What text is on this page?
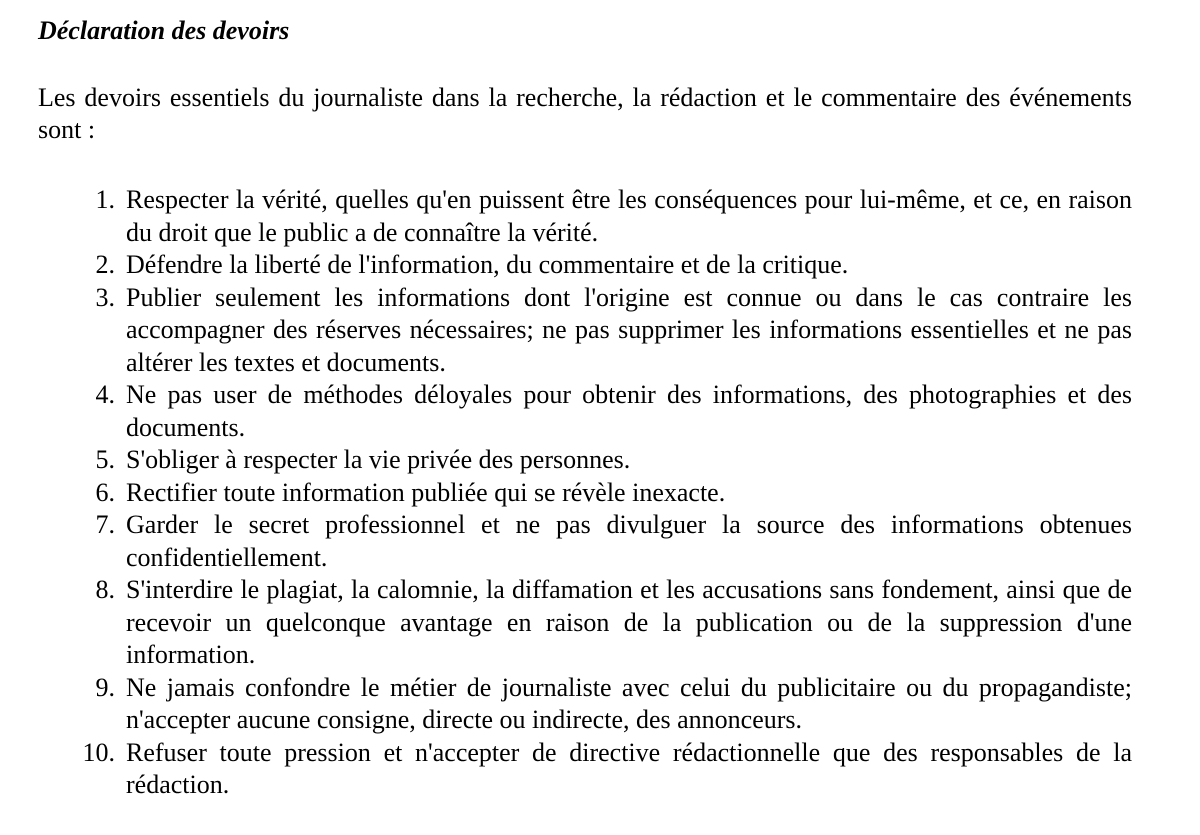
Déclaration des devoirs

Les devoirs essentiels du journaliste dans la recherche, la rédaction et le commentaire des événements sont :

1. Respecter la vérité, quelles qu'en puissent être les conséquences pour lui-même, et ce, en raison du droit que le public a de connaître la vérité.
2. Défendre la liberté de l'information, du commentaire et de la critique.
3. Publier seulement les informations dont l'origine est connue ou dans le cas contraire les accompagner des réserves nécessaires; ne pas supprimer les informations essentielles et ne pas altérer les textes et documents.
4. Ne pas user de méthodes déloyales pour obtenir des informations, des photographies et des documents.
5. S'obliger à respecter la vie privée des personnes.
6. Rectifier toute information publiée qui se révèle inexacte.
7. Garder le secret professionnel et ne pas divulguer la source des informations obtenues confidentiellement.
8. S'interdire le plagiat, la calomnie, la diffamation et les accusations sans fondement, ainsi que de recevoir un quelconque avantage en raison de la publication ou de la suppression d'une information.
9. Ne jamais confondre le métier de journaliste avec celui du publicitaire ou du propagandiste; n'accepter aucune consigne, directe ou indirecte, des annonceurs.
10. Refuser toute pression et n'accepter de directive rédactionnelle que des responsables de la rédaction.
